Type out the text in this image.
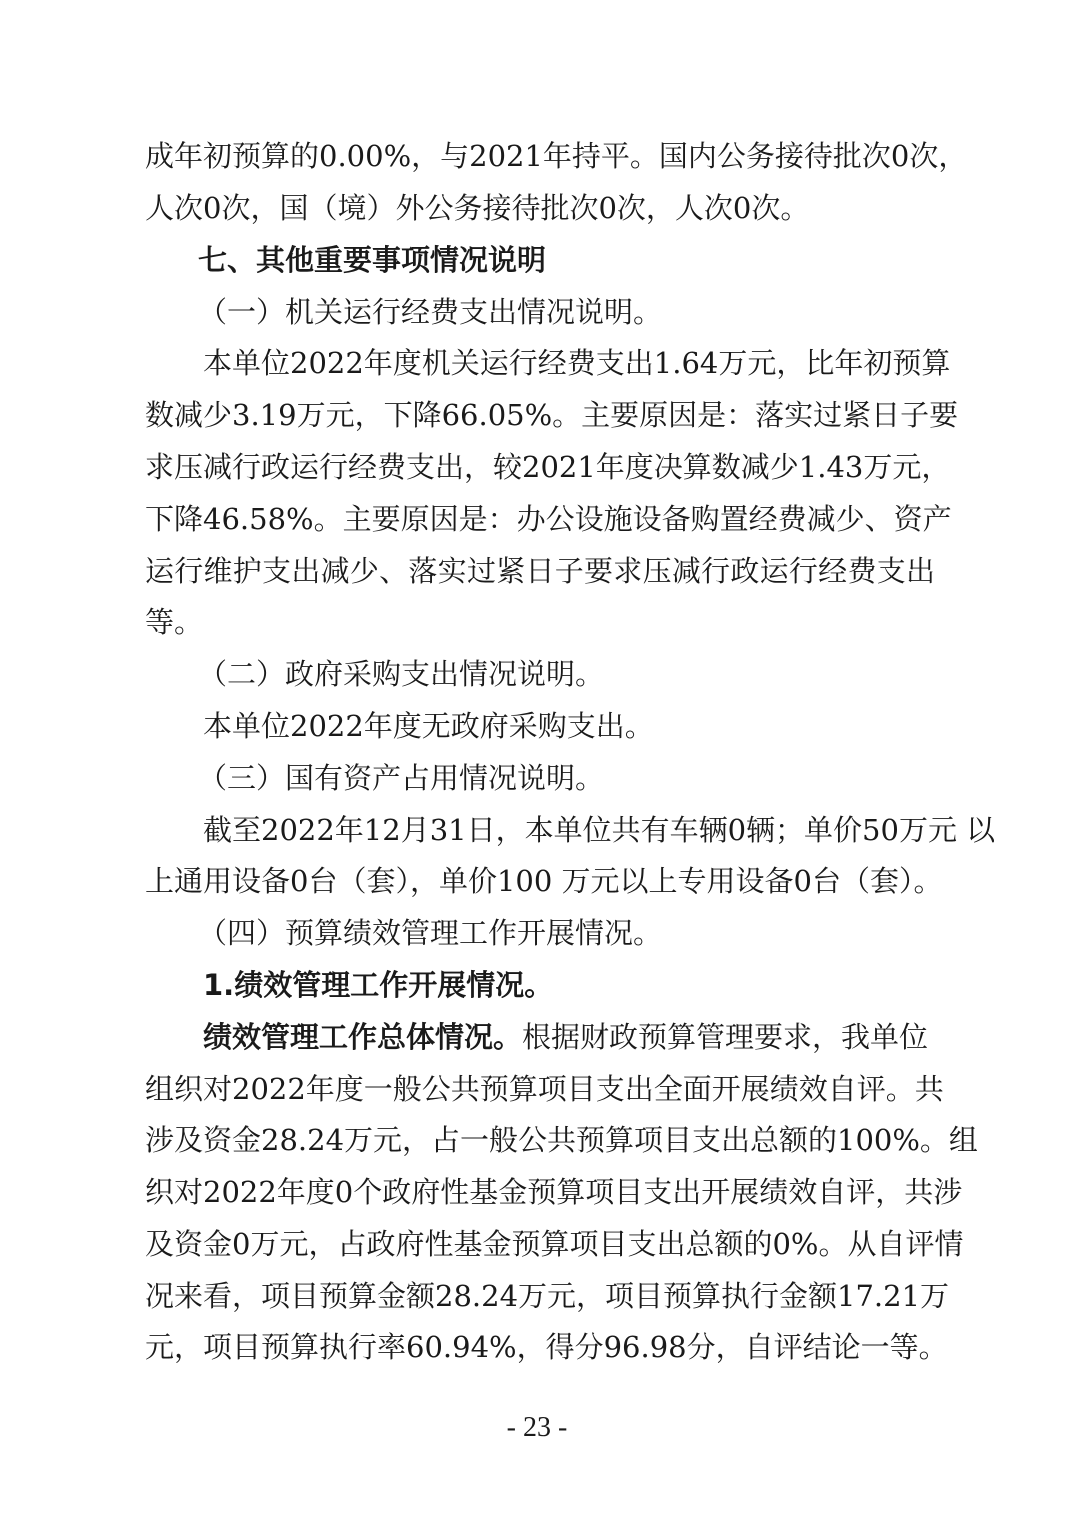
成年初预算的0.00%，与2021年持平。国内公务接待批次0次，
人次0次，国（境）外公务接待批次0次，人次0次。
七、其他重要事项情况说明
（一）机关运行经费支出情况说明。
本单位2022年度机关运行经费支出1.64万元，比年初预算
数减少3.19万元，下降66.05%。主要原因是：落实过紧日子要
求压减行政运行经费支出，较2021年度决算数减少1.43万元，
下降46.58%。主要原因是：办公设施设备购置经费减少、资产
运行维护支出减少、落实过紧日子要求压减行政运行经费支出
等。
（二）政府采购支出情况说明。
本单位2022年度无政府采购支出。
（三）国有资产占用情况说明。
截至2022年12月31日，本单位共有车辆0辆；单价50万元 以
上通用设备0台（套），单价100 万元以上专用设备0台（套）。
（四）预算绩效管理工作开展情况。
1.绩效管理工作开展情况。
绩效管理工作总体情况。根据财政预算管理要求，我单位
组织对2022年度一般公共预算项目支出全面开展绩效自评。共
涉及资金28.24万元，占一般公共预算项目支出总额的100%。组
织对2022年度0个政府性基金预算项目支出开展绩效自评，共涉
及资金0万元，占政府性基金预算项目支出总额的0%。从自评情
况来看，项目预算金额28.24万元，项目预算执行金额17.21万
元，项目预算执行率60.94%，得分96.98分，自评结论一等。
- 23 -
